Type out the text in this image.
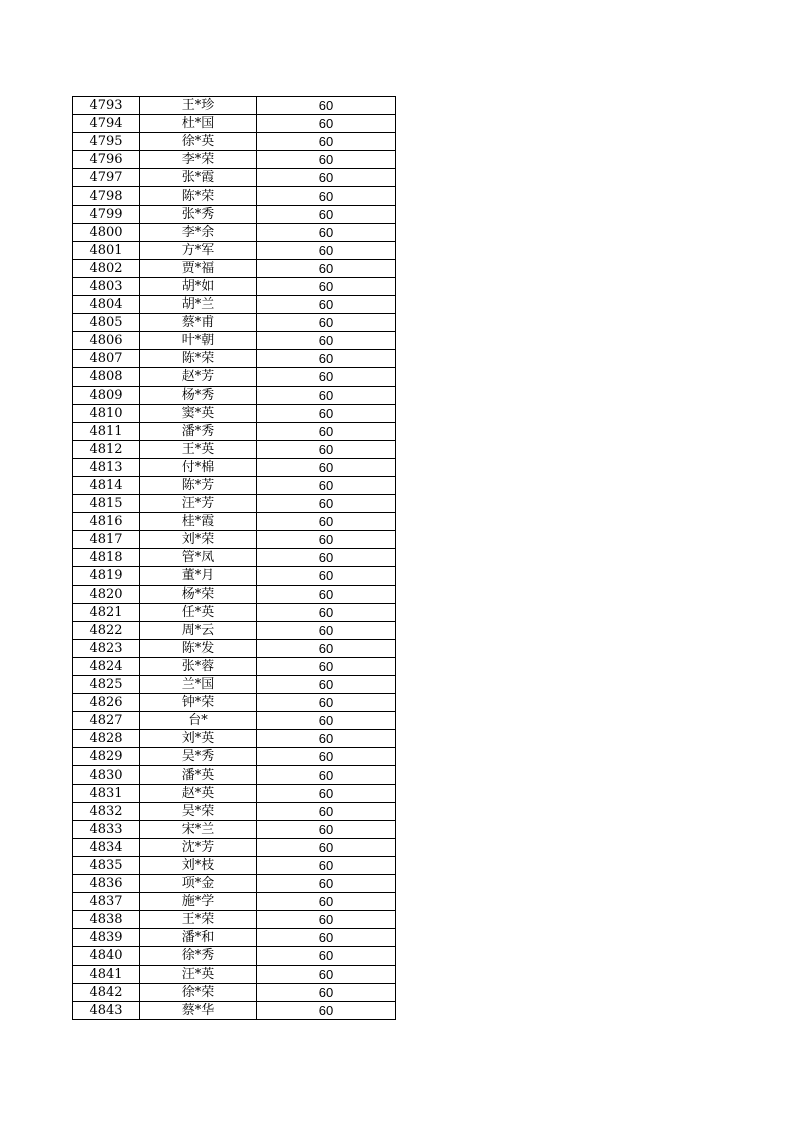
4793	王*珍	60
4794	杜*国	60
4795	徐*英	60
4796	李*荣	60
4797	张*霞	60
4798	陈*荣	60
4799	张*秀	60
4800	李*余	60
4801	方*军	60
4802	贾*福	60
4803	胡*如	60
4804	胡*兰	60
4805	蔡*甫	60
4806	叶*朝	60
4807	陈*荣	60
4808	赵*芳	60
4809	杨*秀	60
4810	窦*英	60
4811	潘*秀	60
4812	王*英	60
4813	付*棉	60
4814	陈*芳	60
4815	汪*芳	60
4816	桂*霞	60
4817	刘*荣	60
4818	管*凤	60
4819	董*月	60
4820	杨*荣	60
4821	任*英	60
4822	周*云	60
4823	陈*发	60
4824	张*蓉	60
4825	兰*国	60
4826	钟*荣	60
4827	台*	60
4828	刘*英	60
4829	吴*秀	60
4830	潘*英	60
4831	赵*英	60
4832	吴*荣	60
4833	宋*兰	60
4834	沈*芳	60
4835	刘*枝	60
4836	项*金	60
4837	施*学	60
4838	王*荣	60
4839	潘*和	60
4840	徐*秀	60
4841	汪*英	60
4842	徐*荣	60
4843	蔡*华	60
